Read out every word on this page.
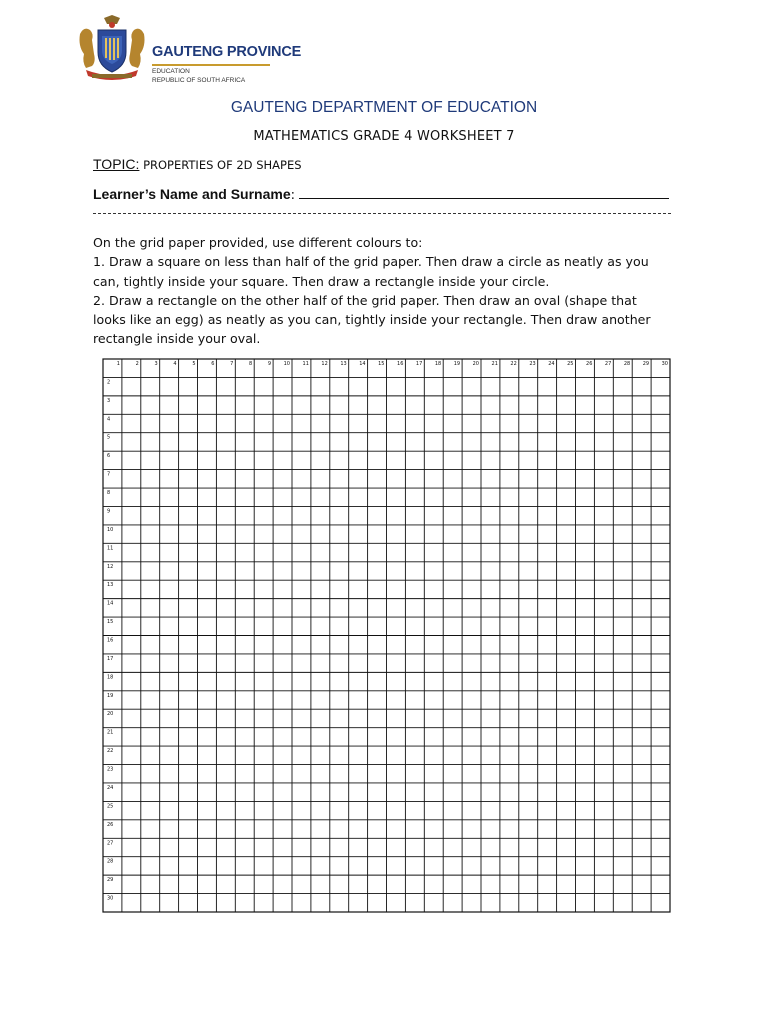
GAUTENG PROVINCE
EDUCATION
REPUBLIC OF SOUTH AFRICA
GAUTENG DEPARTMENT OF EDUCATION
MATHEMATICS GRADE 4 WORKSHEET 7
TOPIC: PROPERTIES OF 2D SHAPES
Learner’s Name and Surname:

On the grid paper provided, use different colours to:

1. Draw a square on less than half of the grid paper. Then draw a circle as neatly as you can, tightly inside your square. Then draw a rectangle inside your circle.

2. Draw a rectangle on the other half of the grid paper. Then draw an oval (shape that looks like an egg) as neatly as you can, tightly inside your rectangle. Then draw another rectangle inside your oval.

1	2	3	4	5	6	7	8	9	10	11	12	13	14	15	16	17	18	19	20	21	22	23	24	25	26	27	28	29	30
2
3
4
5
6
7
8
9
10
11
12
13
14
15
16
17
18
19
20
21
22
23
24
25
26
27
28
29
30
